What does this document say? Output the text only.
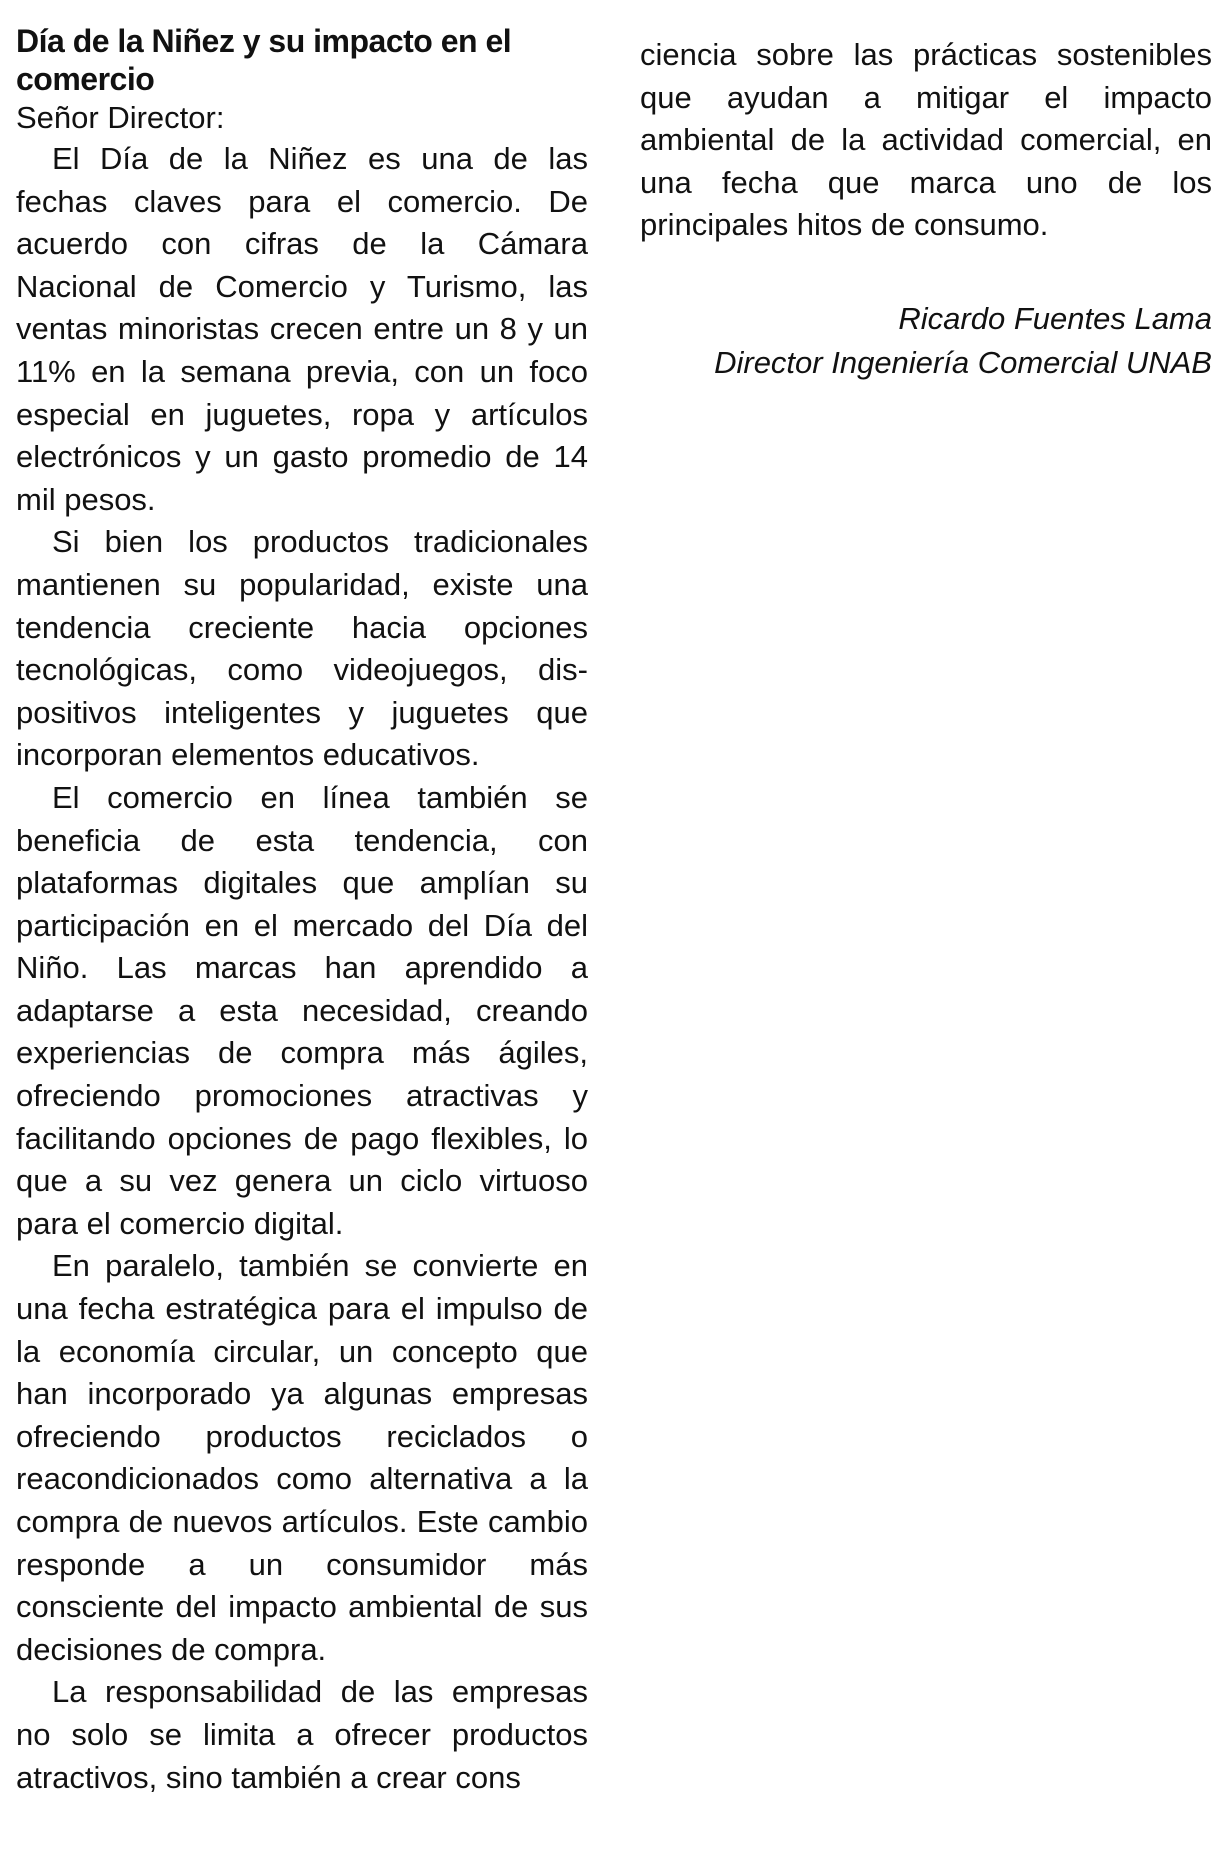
Día de la Niñez y su impacto en el comercio

Señor Director:

El Día de la Niñez es una de las fechas claves para el comercio. De acuerdo con cifras de la Cámara Nacional de Comercio y Turismo, las ventas minoristas crecen entre un 8 y un 11% en la semana previa, con un foco especial en juguetes, ropa y artículos electrónicos y un gasto promedio de 14 mil pesos.

Si bien los productos tradicionales mantienen su popularidad, existe una tendencia creciente hacia opciones tecnológicas, como videojuegos, dispositivos inteligentes y juguetes que incorporan elementos educativos.

El comercio en línea también se beneficia de esta tendencia, con plataformas digitales que amplían su participación en el mercado del Día del Niño. Las marcas han aprendido a adaptarse a esta necesidad, creando experiencias de compra más ágiles, ofreciendo promociones atractivas y facilitando opciones de pago flexibles, lo que a su vez genera un ciclo virtuoso para el comercio digital.

En paralelo, también se convierte en una fecha estratégica para el impulso de la economía circular, un concepto que han incorporado ya algunas empresas ofreciendo productos reciclados o reacondicionados como alternativa a la compra de nuevos artículos. Este cambio responde a un consumidor más consciente del impacto ambiental de sus decisiones de compra.

La responsabilidad de las empresas no solo se limita a ofrecer productos atractivos, sino también a crear cons

ciencia sobre las prácticas sostenibles que ayudan a mitigar el impacto ambiental de la actividad comercial, en una fecha que marca uno de los principales hitos de consumo.

Ricardo Fuentes Lama
Director Ingeniería Comercial UNAB
